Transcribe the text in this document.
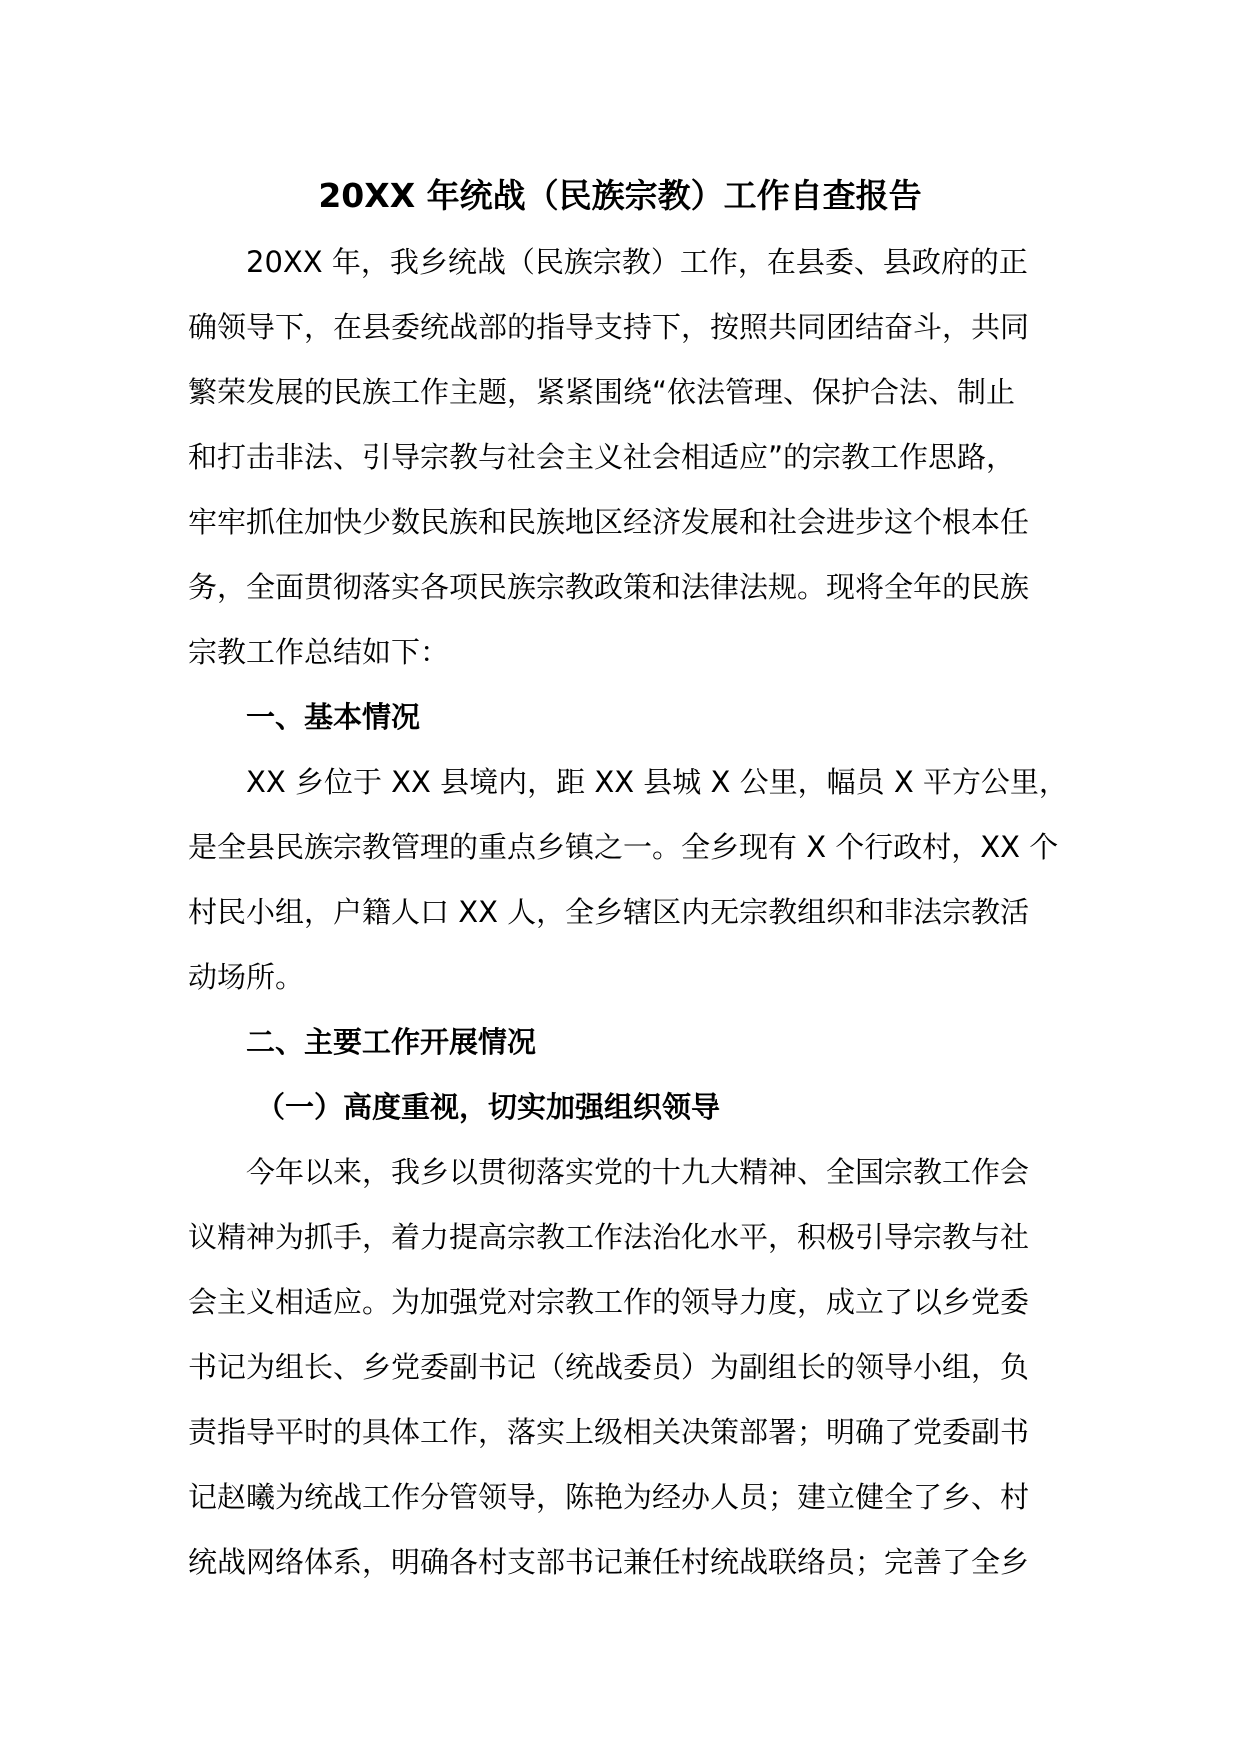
20XX 年统战（民族宗教）工作自查报告
20XX 年，我乡统战（民族宗教）工作，在县委、县政府的正
确领导下，在县委统战部的指导支持下，按照共同团结奋斗，共同
繁荣发展的民族工作主题，紧紧围绕“依法管理、保护合法、制止
和打击非法、引导宗教与社会主义社会相适应”的宗教工作思路，
牢牢抓住加快少数民族和民族地区经济发展和社会进步这个根本任
务，全面贯彻落实各项民族宗教政策和法律法规。现将全年的民族
宗教工作总结如下：
一、基本情况
XX 乡位于 XX 县境内，距 XX 县城 X 公里，幅员 X 平方公里，
是全县民族宗教管理的重点乡镇之一。全乡现有 X 个行政村，XX 个
村民小组，户籍人口 XX 人，全乡辖区内无宗教组织和非法宗教活
动场所。
二、主要工作开展情况
（一）高度重视，切实加强组织领导
今年以来，我乡以贯彻落实党的十九大精神、全国宗教工作会
议精神为抓手，着力提高宗教工作法治化水平，积极引导宗教与社
会主义相适应。为加强党对宗教工作的领导力度，成立了以乡党委
书记为组长、乡党委副书记（统战委员）为副组长的领导小组，负
责指导平时的具体工作，落实上级相关决策部署；明确了党委副书
记赵曦为统战工作分管领导，陈艳为经办人员；建立健全了乡、村
统战网络体系，明确各村支部书记兼任村统战联络员；完善了全乡
